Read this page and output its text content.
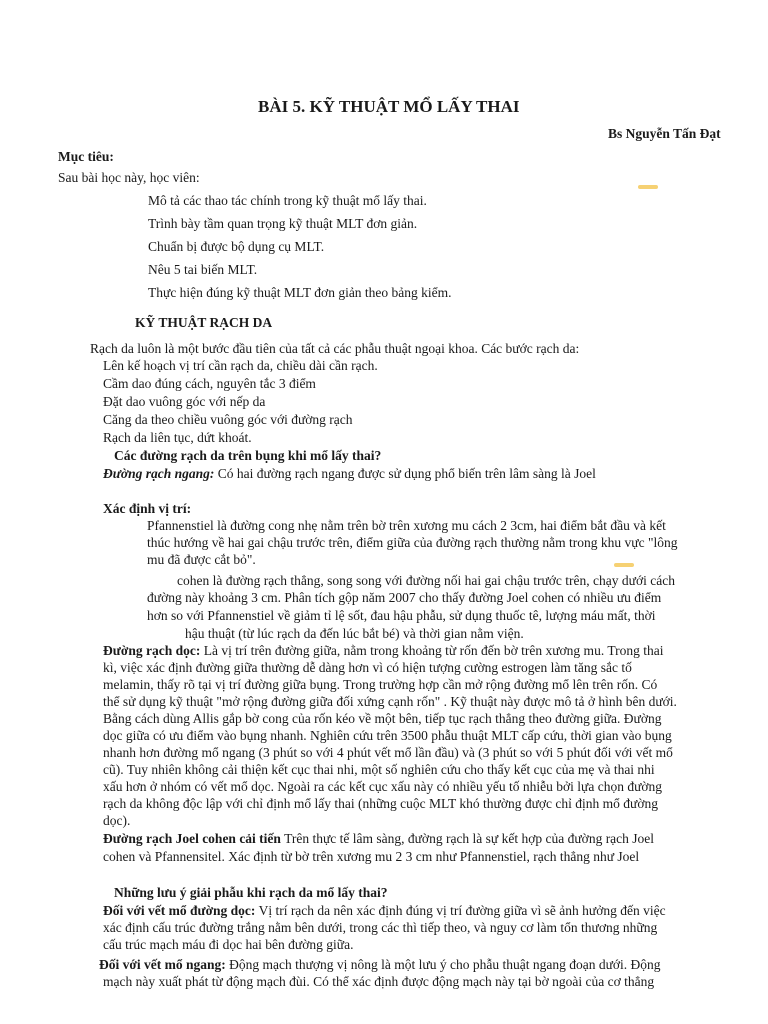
BÀI 5. KỸ THUẬT MỔ LẤY THAI
Bs Nguyễn Tấn Đạt
Mục tiêu:
Sau bài học này, học viên:
Mô tả các thao tác chính trong kỹ thuật mổ lấy thai.
Trình bày tầm quan trọng kỹ thuật MLT đơn giản.
Chuẩn bị được bộ dụng cụ MLT.
Nêu 5 tai biến MLT.
Thực hiện đúng kỹ thuật MLT đơn giản theo bảng kiểm.
KỸ THUẬT RẠCH DA
Rạch da luôn là một bước đầu tiên của tất cả các phẫu thuật ngoại khoa. Các bước rạch da:
Lên kế hoạch vị trí cần rạch da, chiều dài cần rạch.
Cầm dao đúng cách, nguyên tắc 3 điểm
Đặt dao vuông góc với nếp da
Căng da theo chiều vuông góc với đường rạch
Rạch da liên tục, dứt khoát.
Các đường rạch da trên bụng khi mổ lấy thai?
Đường rạch ngang: Có hai đường rạch ngang được sử dụng phổ biến trên lâm sàng là Joel
Xác định vị trí:
Pfannenstiel là đường cong nhẹ nằm trên bờ trên xương mu cách 2 3cm, hai điểm bắt đầu và kết
thúc hướng về hai gai chậu trước trên, điểm giữa của đường rạch thường nằm trong khu vực "lông
mu đã được cắt bỏ".
cohen là đường rạch thẳng, song song với đường nối hai gai chậu trước trên, chạy dưới cách
đường này khoảng 3 cm. Phân tích gộp năm 2007 cho thấy đường Joel cohen có nhiều ưu điểm
hơn so với Pfannenstiel về giảm tỉ lệ sốt, đau hậu phẫu, sử dụng thuốc tê, lượng máu mất, thời
hậu thuật (từ lúc rạch da đến lúc bắt bé) và thời gian nằm viện.
Đường rạch dọc: Là vị trí trên đường giữa, nằm trong khoảng từ rốn đến bờ trên xương mu. Trong thai
kì, việc xác định đường giữa thường dễ dàng hơn vì có hiện tượng cường estrogen làm tăng sắc tố
melamin, thấy rõ tại vị trí đường giữa bụng. Trong trường hợp cần mở rộng đường mổ lên trên rốn. Có
thể sử dụng kỹ thuật "mở rộng đường giữa đối xứng cạnh rốn" . Kỹ thuật này được mô tả ở hình bên dưới.
Bằng cách dùng Allis gắp bờ cong của rốn kéo về một bên, tiếp tục rạch thẳng theo đường giữa. Đường
dọc giữa có ưu điểm vào bụng nhanh. Nghiên cứu trên 3500 phẫu thuật MLT cấp cứu, thời gian vào bụng
nhanh hơn đường mổ ngang (3 phút so với 4 phút vết mổ lần đầu) và (3 phút so với 5 phút đối với vết mổ
cũ). Tuy nhiên không cải thiện kết cục thai nhi, một số nghiên cứu cho thấy kết cục của mẹ và thai nhi
xấu hơn ở nhóm có vết mổ dọc. Ngoài ra các kết cục xấu này có nhiều yếu tố nhiễu bởi lựa chọn đường
rạch da không độc lập với chỉ định mổ lấy thai (những cuộc MLT khó thường được chỉ định mổ đường
dọc).
Đường rạch Joel cohen cải tiến Trên thực tế lâm sàng, đường rạch là sự kết hợp của đường rạch Joel
cohen và Pfannensitel. Xác định từ bờ trên xương mu 2 3 cm như Pfannenstiel, rạch thẳng như Joel
Những lưu ý giải phẫu khi rạch da mổ lấy thai?
Đối với vết mổ đường dọc: Vị trí rạch da nên xác định đúng vị trí đường giữa vì sẽ ảnh hưởng đến việc
xác định cấu trúc đường trắng nằm bên dưới, trong các thì tiếp theo, và nguy cơ làm tổn thương những
cấu trúc mạch máu đi dọc hai bên đường giữa.
Đối với vết mổ ngang: Động mạch thượng vị nông là một lưu ý cho phẫu thuật ngang đoạn dưới. Động
mạch này xuất phát từ động mạch đùi. Có thể xác định được động mạch này tại bờ ngoài của cơ thẳng
